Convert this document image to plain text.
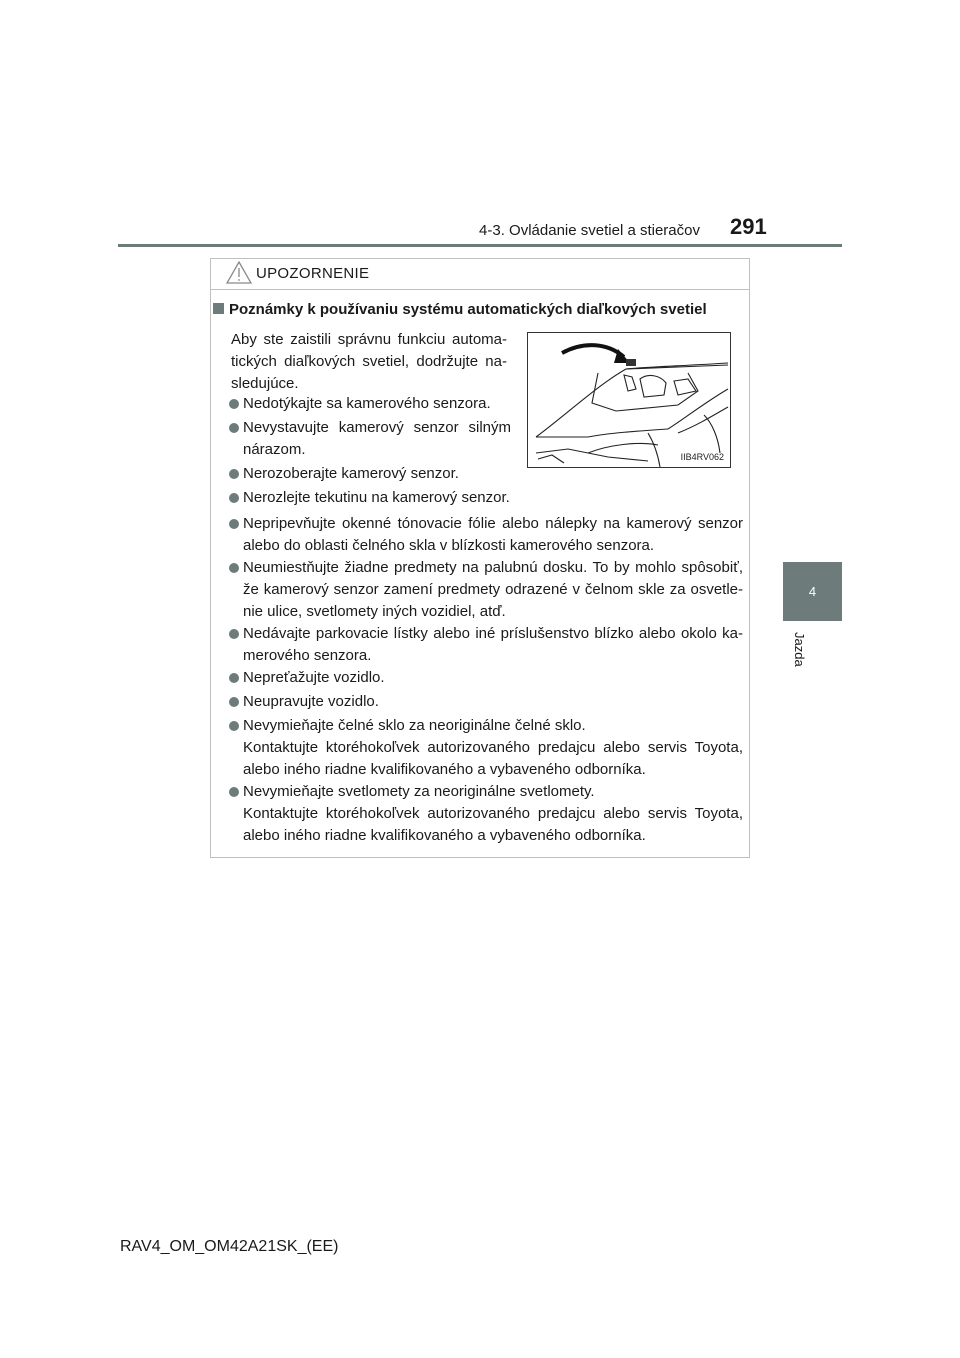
4-3. Ovládanie svetiel a stieračov 291
4
Jazda
UPOZORNENIE
Poznámky k používaniu systému automatických diaľkových svetiel
Aby ste zaistili správnu funkciu automa-tických diaľkových svetiel, dodržujte na-sledujúce.
IIB4RV062
Nedotýkajte sa kamerového senzora.
Nevystavujte kamerový senzor silným nárazom.
Nerozoberajte kamerový senzor.
Nerozlejte tekutinu na kamerový senzor.
Nepripevňujte okenné tónovacie fólie alebo nálepky na kamerový senzor alebo do oblasti čelného skla v blízkosti kamerového senzora.
Neumiestňujte žiadne predmety na palubnú dosku. To by mohlo spôsobiť, že kamerový senzor zamení predmety odrazené v čelnom skle za osvetle-nie ulice, svetlomety iných vozidiel, atď.
Nedávajte parkovacie lístky alebo iné príslušenstvo blízko alebo okolo ka-merového senzora.
Nepreťažujte vozidlo.
Neupravujte vozidlo.
Nevymieňajte čelné sklo za neoriginálne čelné sklo.
Kontaktujte ktoréhokoľvek autorizovaného predajcu alebo servis Toyota, alebo iného riadne kvalifikovaného a vybaveného odborníka.
Nevymieňajte svetlomety za neoriginálne svetlomety.
Kontaktujte ktoréhokoľvek autorizovaného predajcu alebo servis Toyota, alebo iného riadne kvalifikovaného a vybaveného odborníka.
RAV4_OM_OM42A21SK_(EE)
